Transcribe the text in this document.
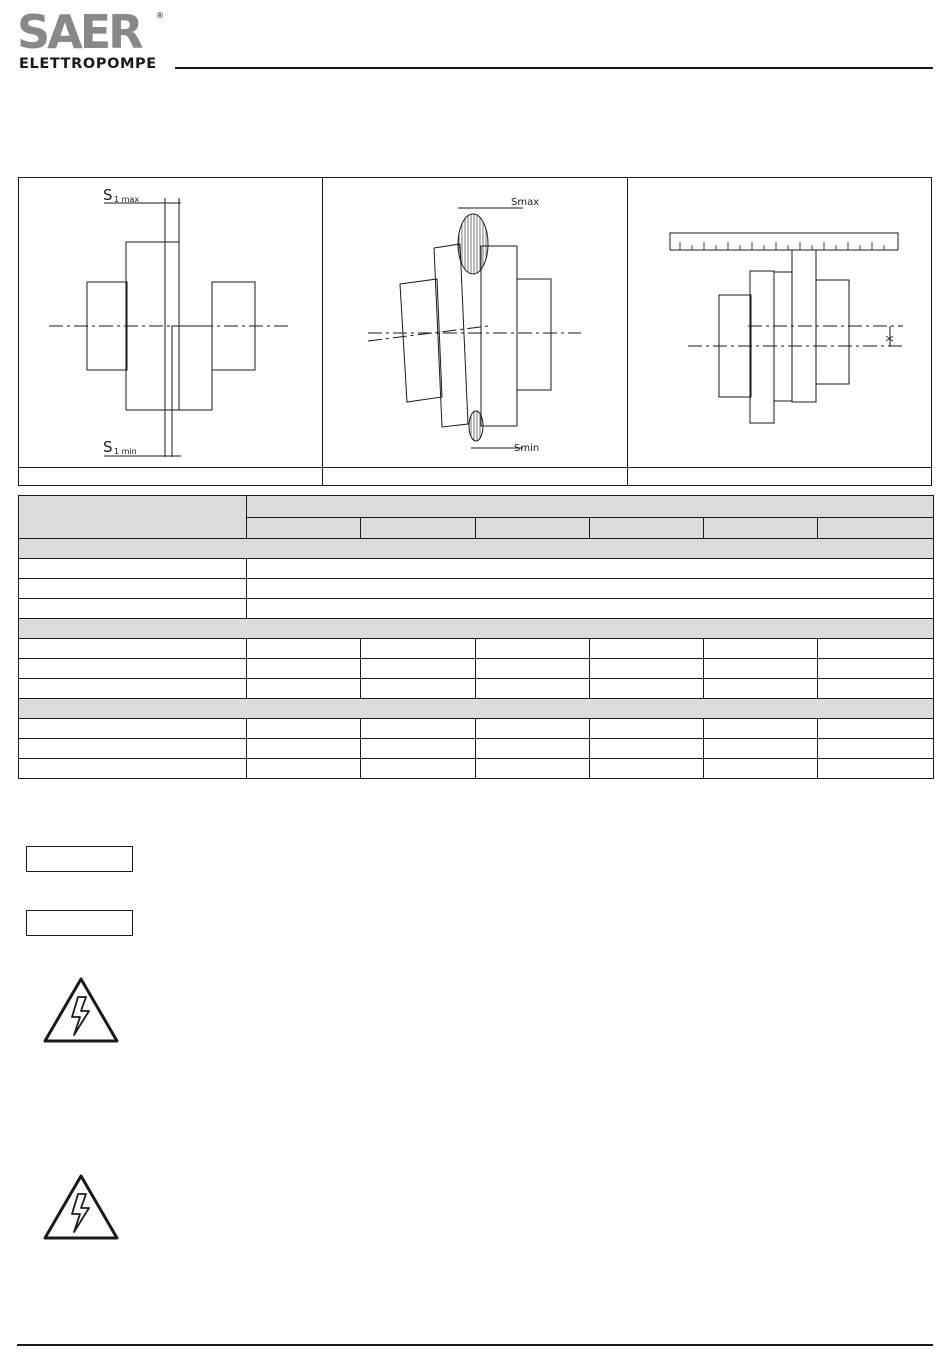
SAER	®
ELETTROPOMPE
S 1 max
S 1 min
Smax
Smin
X
